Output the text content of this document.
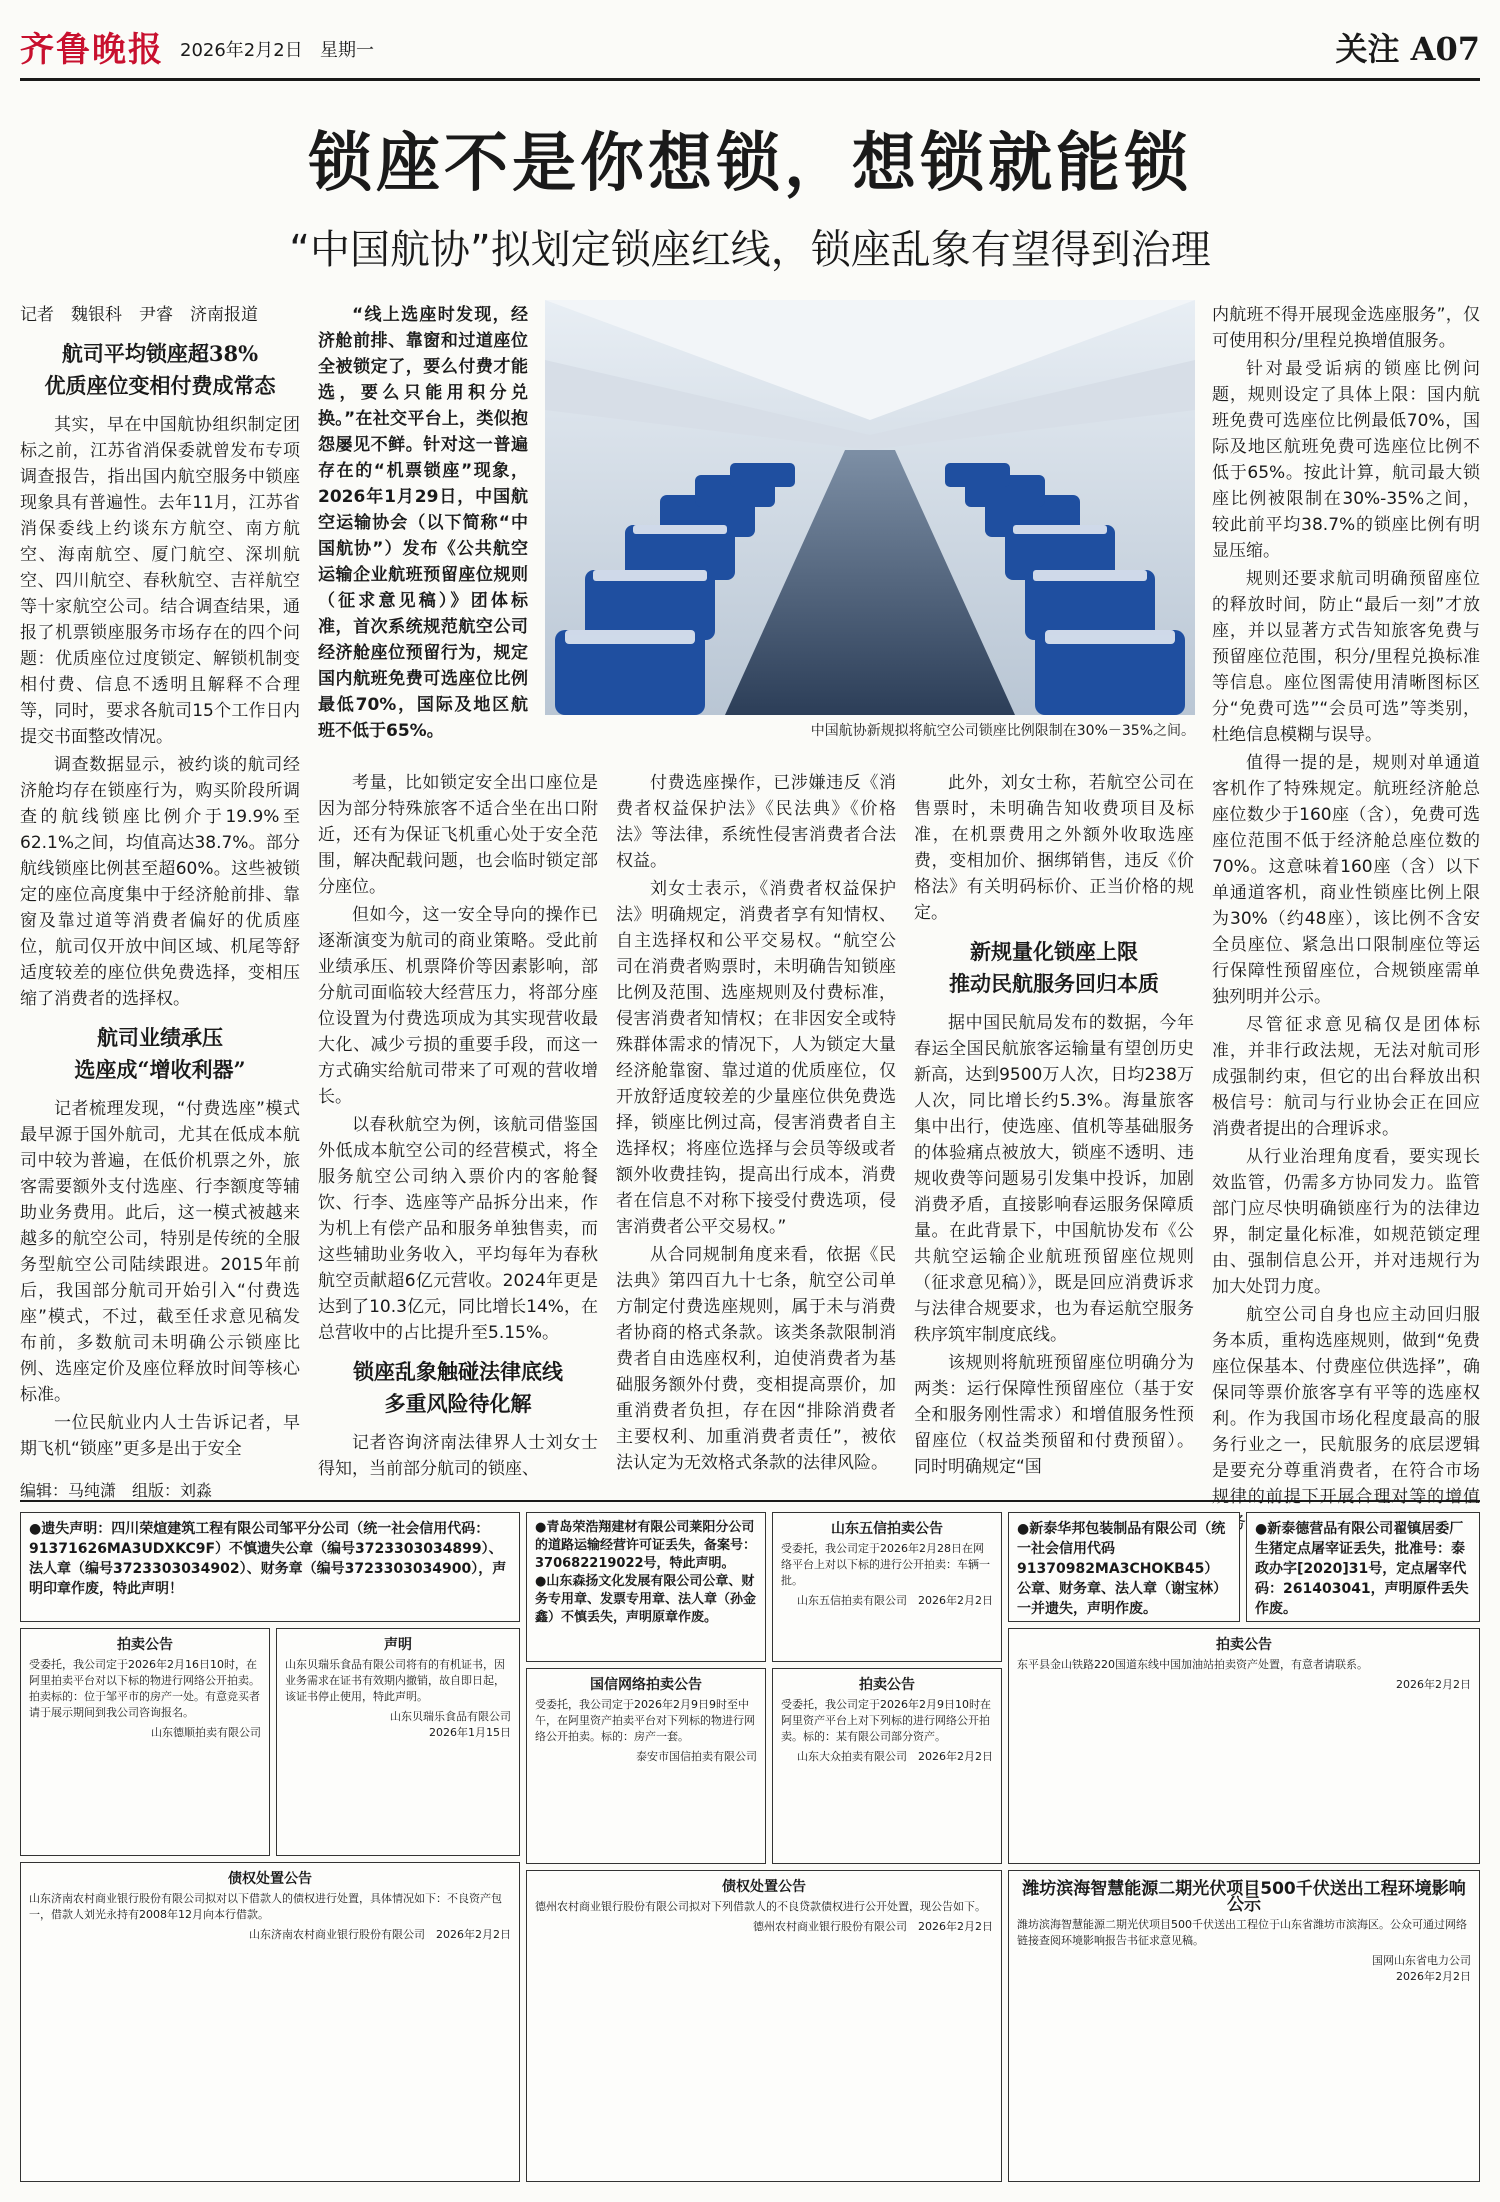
齐鲁晚报 2026年2月2日 星期一	关注 A07
锁座不是你想锁，想锁就能锁
“中国航协”拟划定锁座红线，锁座乱象有望得到治理
记者　魏银科　尹睿　济南报道
航司平均锁座超38%
优质座位变相付费成常态

其实，早在中国航协组织制定团标之前，江苏省消保委就曾发布专项调查报告，指出国内航空服务中锁座现象具有普遍性。去年11月，江苏省消保委线上约谈东方航空、南方航空、海南航空、厦门航空、深圳航空、四川航空、春秋航空、吉祥航空等十家航空公司。结合调查结果，通报了机票锁座服务市场存在的四个问题：优质座位过度锁定、解锁机制变相付费、信息不透明且解释不合理等，同时，要求各航司15个工作日内提交书面整改情况。

调查数据显示，被约谈的航司经济舱均存在锁座行为，购买阶段所调查的航线锁座比例介于19.9%至62.1%之间，均值高达38.7%。部分航线锁座比例甚至超60%。这些被锁定的座位高度集中于经济舱前排、靠窗及靠过道等消费者偏好的优质座位，航司仅开放中间区域、机尾等舒适度较差的座位供免费选择，变相压缩了消费者的选择权。

航司业绩承压
选座成“增收利器”

记者梳理发现，“付费选座”模式最早源于国外航司，尤其在低成本航司中较为普遍，在低价机票之外，旅客需要额外支付选座、行李额度等辅助业务费用。此后，这一模式被越来越多的航空公司，特别是传统的全服务型航空公司陆续跟进。2015年前后，我国部分航司开始引入“付费选座”模式，不过，截至任求意见稿发布前，多数航司未明确公示锁座比例、选座定价及座位释放时间等核心标准。

一位民航业内人士告诉记者，早期飞机“锁座”更多是出于安全

“线上选座时发现，经济舱前排、靠窗和过道座位全被锁定了，要么付费才能选，要么只能用积分兑换。”在社交平台上，类似抱怨屡见不鲜。针对这一普遍存在的“机票锁座”现象，2026年1月29日，中国航空运输协会（以下简称“中国航协”）发布《公共航空运输企业航班预留座位规则（征求意见稿）》团体标准，首次系统规范航空公司经济舱座位预留行为，规定国内航班免费可选座位比例最低70%，国际及地区航班不低于65%。

考量，比如锁定安全出口座位是因为部分特殊旅客不适合坐在出口附近，还有为保证飞机重心处于安全范围，解决配载问题，也会临时锁定部分座位。

但如今，这一安全导向的操作已逐渐演变为航司的商业策略。受此前业绩承压、机票降价等因素影响，部分航司面临较大经营压力，将部分座位设置为付费选项成为其实现营收最大化、减少亏损的重要手段，而这一方式确实给航司带来了可观的营收增长。

以春秋航空为例，该航司借鉴国外低成本航空公司的经营模式，将全服务航空公司纳入票价内的客舱餐饮、行李、选座等产品拆分出来，作为机上有偿产品和服务单独售卖，而这些辅助业务收入，平均每年为春秋航空贡献超6亿元营收。2024年更是达到了10.3亿元，同比增长14%，在总营收中的占比提升至5.15%。

锁座乱象触碰法律底线
多重风险待化解

记者咨询济南法律界人士刘女士得知，当前部分航司的锁座、

中国航协新规拟将航空公司锁座比例限制在30%－35%之间。

付费选座操作，已涉嫌违反《消费者权益保护法》《民法典》《价格法》等法律，系统性侵害消费者合法权益。

刘女士表示，《消费者权益保护法》明确规定，消费者享有知情权、自主选择权和公平交易权。“航空公司在消费者购票时，未明确告知锁座比例及范围、选座规则及付费标准，侵害消费者知情权；在非因安全或特殊群体需求的情况下，人为锁定大量经济舱靠窗、靠过道的优质座位，仅开放舒适度较差的少量座位供免费选择，锁座比例过高，侵害消费者自主选择权；将座位选择与会员等级或者额外收费挂钩，提高出行成本，消费者在信息不对称下接受付费选项，侵害消费者公平交易权。”

从合同规制角度来看，依据《民法典》第四百九十七条，航空公司单方制定付费选座规则，属于未与消费者协商的格式条款。该类条款限制消费者自由选座权利，迫使消费者为基础服务额外付费，变相提高票价，加重消费者负担，存在因“排除消费者主要权利、加重消费者责任”，被依法认定为无效格式条款的法律风险。

此外，刘女士称，若航空公司在售票时，未明确告知收费项目及标准，在机票费用之外额外收取选座费，变相加价、捆绑销售，违反《价格法》有关明码标价、正当价格的规定。

新规量化锁座上限
推动民航服务回归本质

据中国民航局发布的数据，今年春运全国民航旅客运输量有望创历史新高，达到9500万人次，日均238万人次，同比增长约5.3%。海量旅客集中出行，使选座、值机等基础服务的体验痛点被放大，锁座不透明、违规收费等问题易引发集中投诉，加剧消费矛盾，直接影响春运服务保障质量。在此背景下，中国航协发布《公共航空运输企业航班预留座位规则（征求意见稿）》，既是回应消费诉求与法律合规要求，也为春运航空服务秩序筑牢制度底线。

该规则将航班预留座位明确分为两类：运行保障性预留座位（基于安全和服务刚性需求）和增值服务性预留座位（权益类预留和付费预留）。同时明确规定“国

内航班不得开展现金选座服务”，仅可使用积分/里程兑换增值服务。

针对最受诟病的锁座比例问题，规则设定了具体上限：国内航班免费可选座位比例最低70%，国际及地区航班免费可选座位比例不低于65%。按此计算，航司最大锁座比例被限制在30%-35%之间，较此前平均38.7%的锁座比例有明显压缩。

规则还要求航司明确预留座位的释放时间，防止“最后一刻”才放座，并以显著方式告知旅客免费与预留座位范围，积分/里程兑换标准等信息。座位图需使用清晰图标区分“免费可选”“会员可选”等类别，杜绝信息模糊与误导。

值得一提的是，规则对单通道客机作了特殊规定。航班经济舱总座位数少于160座（含），免费可选座位范围不低于经济舱总座位数的70%。这意味着160座（含）以下单通道客机，商业性锁座比例上限为30%（约48座），该比例不含安全员座位、紧急出口限制座位等运行保障性预留座位，合规锁座需单独列明并公示。

尽管征求意见稿仅是团体标准，并非行政法规，无法对航司形成强制约束，但它的出台释放出积极信号：航司与行业协会正在回应消费者提出的合理诉求。

从行业治理角度看，要实现长效监管，仍需多方协同发力。监管部门应尽快明确锁座行为的法律边界，制定量化标准，如规范锁定理由、强制信息公开，并对违规行为加大处罚力度。

航空公司自身也应主动回归服务本质，重构选座规则，做到“免费座位保基本、付费座位供选择”，确保同等票价旅客享有平等的选座权利。作为我国市场化程度最高的服务行业之一，民航服务的底层逻辑是要充分尊重消费者，在符合市场规律的前提下开展合理对等的增值

编辑：马纯潇　组版：刘淼

●遗失声明：四川荣煊建筑工程有限公司邹平分公司（统一社会信用代码：91371626MA3UDXKC9F）不慎遗失公章（编号3723303034899）、法人章（编号3723303034902）、财务章（编号3723303034900），声明印章作废，特此声明！

拍卖公告

受委托，我公司定于2026年2月16日10时，在阿里拍卖平台对以下标的物进行网络公开拍卖。拍卖标的：位于邹平市的房产一处。有意竞买者请于展示期间到我公司咨询报名。

山东德顺拍卖有限公司
声明

山东贝瑞乐食品有限公司将有的有机证书，因业务需求在证书有效期内撤销，故自即日起，该证书停止使用，特此声明。

山东贝瑞乐食品有限公司
2026年1月15日

●青岛荣浩翔建材有限公司莱阳分公司的道路运输经营许可证丢失，备案号：370682219022号，特此声明。
●山东森扬文化发展有限公司公章、财务专用章、发票专用章、法人章（孙金鑫）不慎丢失，声明原章作废。

山东五信拍卖公告

受委托，我公司定于2026年2月28日在网络平台上对以下标的进行公开拍卖：车辆一批。

山东五信拍卖有限公司　2026年2月2日

●新泰华邦包装制品有限公司（统一社会信用代码91370982MA3CHOKB45）公章、财务章、法人章（谢宝林）一并遗失，声明作废。

●新泰德营品有限公司翟镇居委厂生猪定点屠宰证丢失，批准号：泰政办字[2020]31号，定点屠宰代码：261403041，声明原件丢失作废。

国信网络拍卖公告

受委托，我公司定于2026年2月9日9时至中午，在阿里资产拍卖平台对下列标的物进行网络公开拍卖。标的：房产一套。

泰安市国信拍卖有限公司
拍卖公告

受委托，我公司定于2026年2月9日10时在阿里资产平台上对下列标的进行网络公开拍卖。标的：某有限公司部分资产。

山东大众拍卖有限公司　2026年2月2日
拍卖公告

东平县金山铁路220国道东线中国加油站拍卖资产处置，有意者请联系。

2026年2月2日
债权处置公告

山东济南农村商业银行股份有限公司拟对以下借款人的债权进行处置，具体情况如下：不良资产包一，借款人刘光永持有2008年12月向本行借款。

山东济南农村商业银行股份有限公司　2026年2月2日
债权处置公告

德州农村商业银行股份有限公司拟对下列借款人的不良贷款债权进行公开处置，现公告如下。

德州农村商业银行股份有限公司　2026年2月2日
潍坊滨海智慧能源二期光伏项目500千伏送出工程环境影响公示

潍坊滨海智慧能源二期光伏项目500千伏送出工程位于山东省潍坊市滨海区。公众可通过网络链接查阅环境影响报告书征求意见稿。

国网山东省电力公司
2026年2月2日
